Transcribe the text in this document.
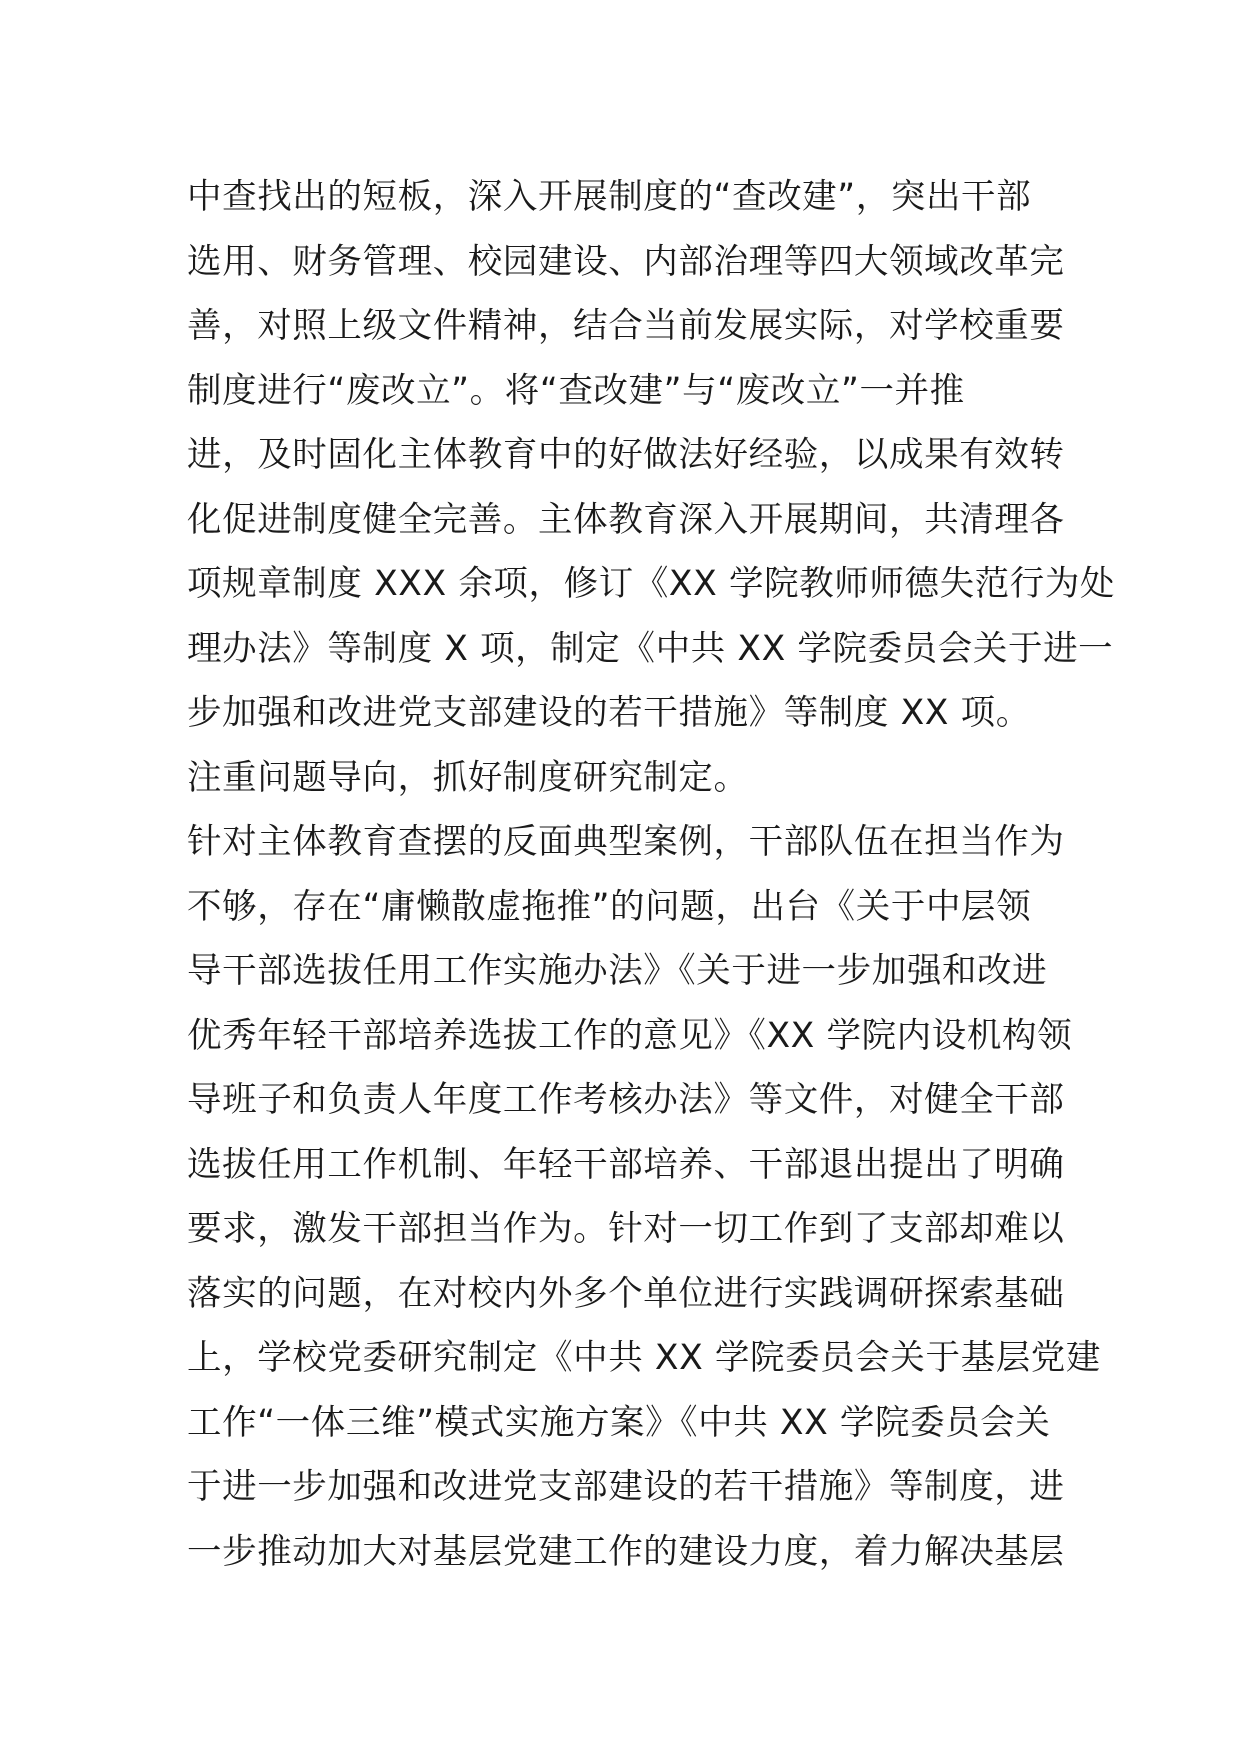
中查找出的短板，深入开展制度的“查改建”，突出干部
选用、财务管理、校园建设、内部治理等四大领域改革完
善，对照上级文件精神，结合当前发展实际，对学校重要
制度进行“废改立”。将“查改建”与“废改立”一并推
进，及时固化主体教育中的好做法好经验，以成果有效转
化促进制度健全完善。主体教育深入开展期间，共清理各
项规章制度 XXX 余项，修订《XX 学院教师师德失范行为处
理办法》等制度 X 项，制定《中共 XX 学院委员会关于进一
步加强和改进党支部建设的若干措施》等制度 XX 项。
注重问题导向，抓好制度研究制定。
针对主体教育查摆的反面典型案例，干部队伍在担当作为
不够，存在“庸懒散虚拖推”的问题，出台《关于中层领
导干部选拔任用工作实施办法》《关于进一步加强和改进
优秀年轻干部培养选拔工作的意见》《XX 学院内设机构领
导班子和负责人年度工作考核办法》等文件，对健全干部
选拔任用工作机制、年轻干部培养、干部退出提出了明确
要求，激发干部担当作为。针对一切工作到了支部却难以
落实的问题，在对校内外多个单位进行实践调研探索基础
上，学校党委研究制定《中共 XX 学院委员会关于基层党建
工作“一体三维”模式实施方案》《中共 XX 学院委员会关
于进一步加强和改进党支部建设的若干措施》等制度，进
一步推动加大对基层党建工作的建设力度，着力解决基层
